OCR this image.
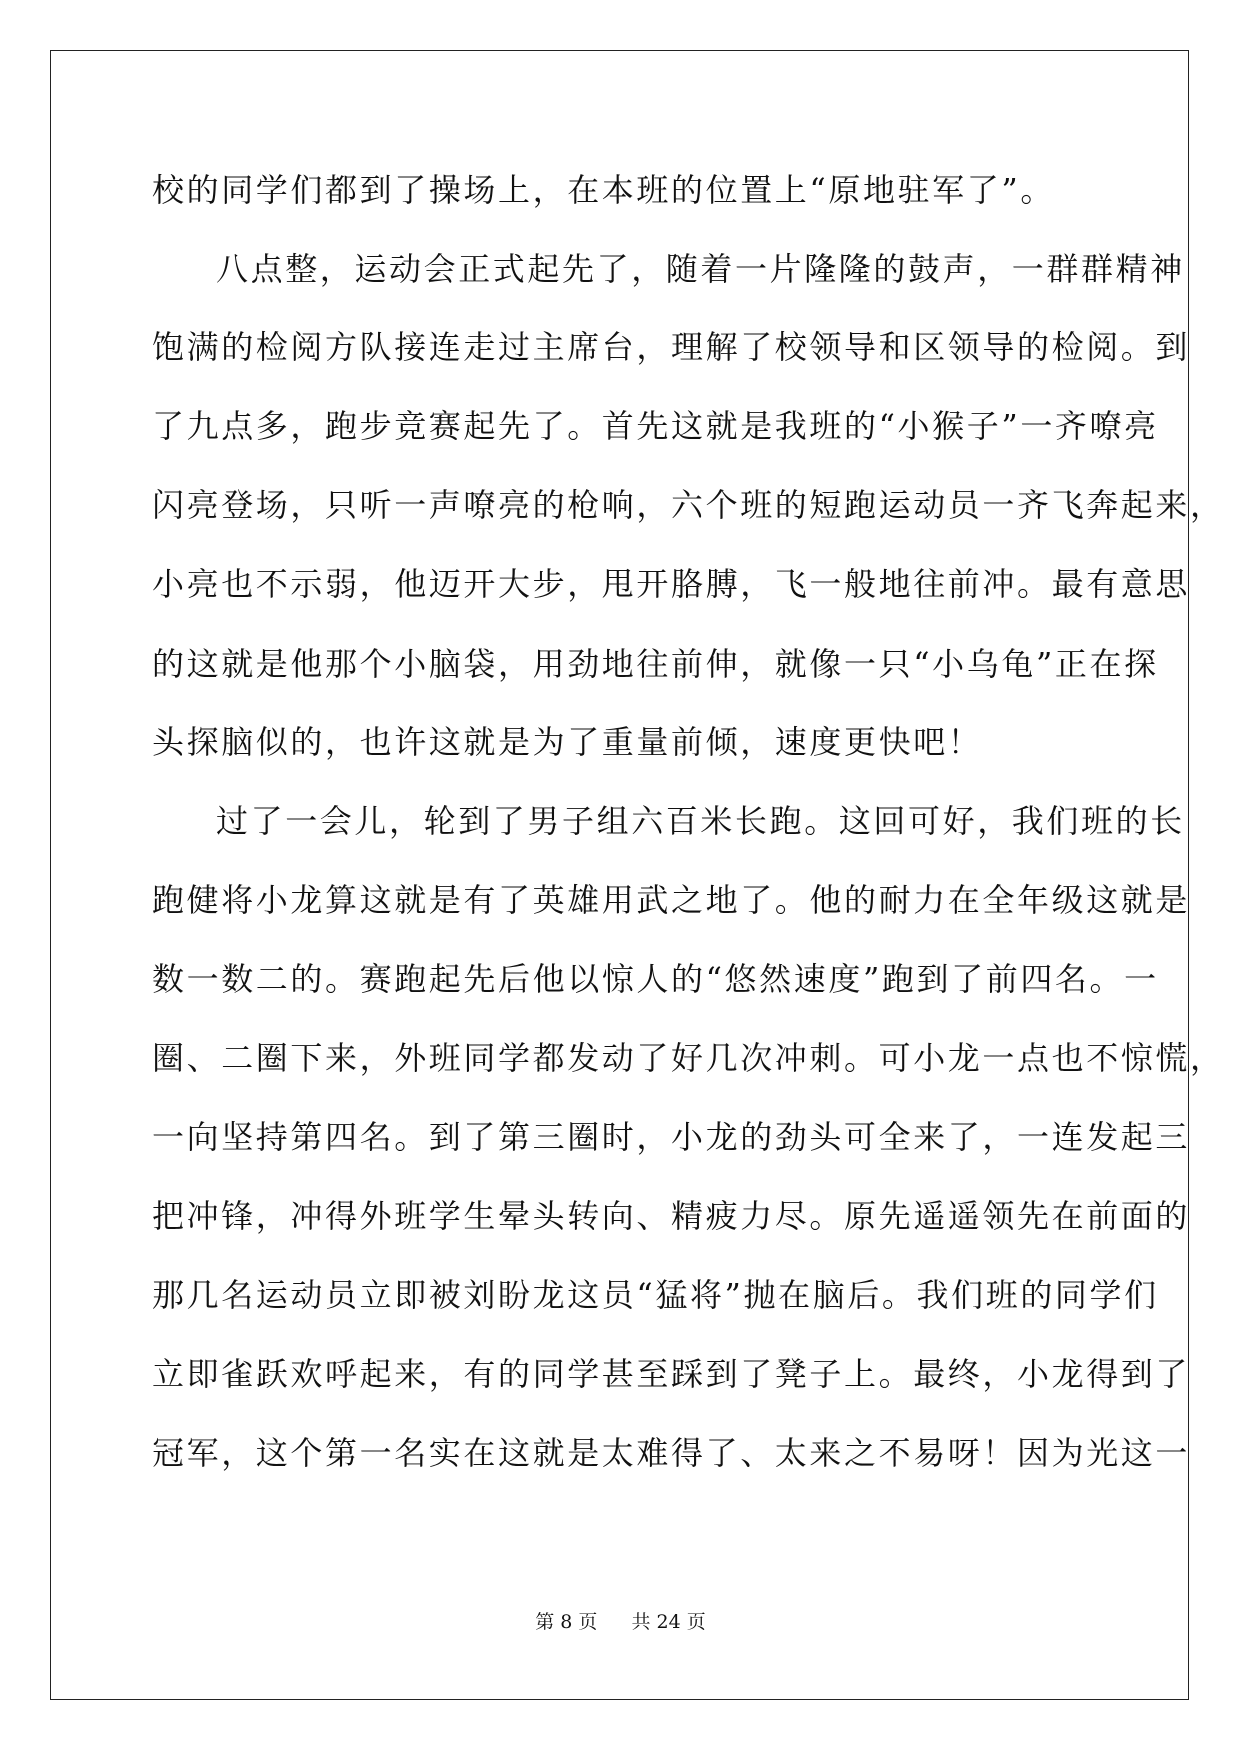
校的同学们都到了操场上，在本班的位置上“原地驻军了”。
八点整，运动会正式起先了，随着一片隆隆的鼓声，一群群精神
饱满的检阅方队接连走过主席台，理解了校领导和区领导的检阅。到
了九点多，跑步竞赛起先了。首先这就是我班的“小猴子”一齐嘹亮
闪亮登场，只听一声嘹亮的枪响，六个班的短跑运动员一齐飞奔起来，
小亮也不示弱，他迈开大步，甩开胳膊，飞一般地往前冲。最有意思
的这就是他那个小脑袋，用劲地往前伸，就像一只“小乌龟”正在探
头探脑似的，也许这就是为了重量前倾，速度更快吧！
过了一会儿，轮到了男子组六百米长跑。这回可好，我们班的长
跑健将小龙算这就是有了英雄用武之地了。他的耐力在全年级这就是
数一数二的。赛跑起先后他以惊人的“悠然速度”跑到了前四名。一
圈、二圈下来，外班同学都发动了好几次冲刺。可小龙一点也不惊慌，
一向坚持第四名。到了第三圈时，小龙的劲头可全来了，一连发起三
把冲锋，冲得外班学生晕头转向、精疲力尽。原先遥遥领先在前面的
那几名运动员立即被刘盼龙这员“猛将”抛在脑后。我们班的同学们
立即雀跃欢呼起来，有的同学甚至踩到了凳子上。最终，小龙得到了
冠军，这个第一名实在这就是太难得了、太来之不易呀！因为光这一
第 8 页 共 24 页
